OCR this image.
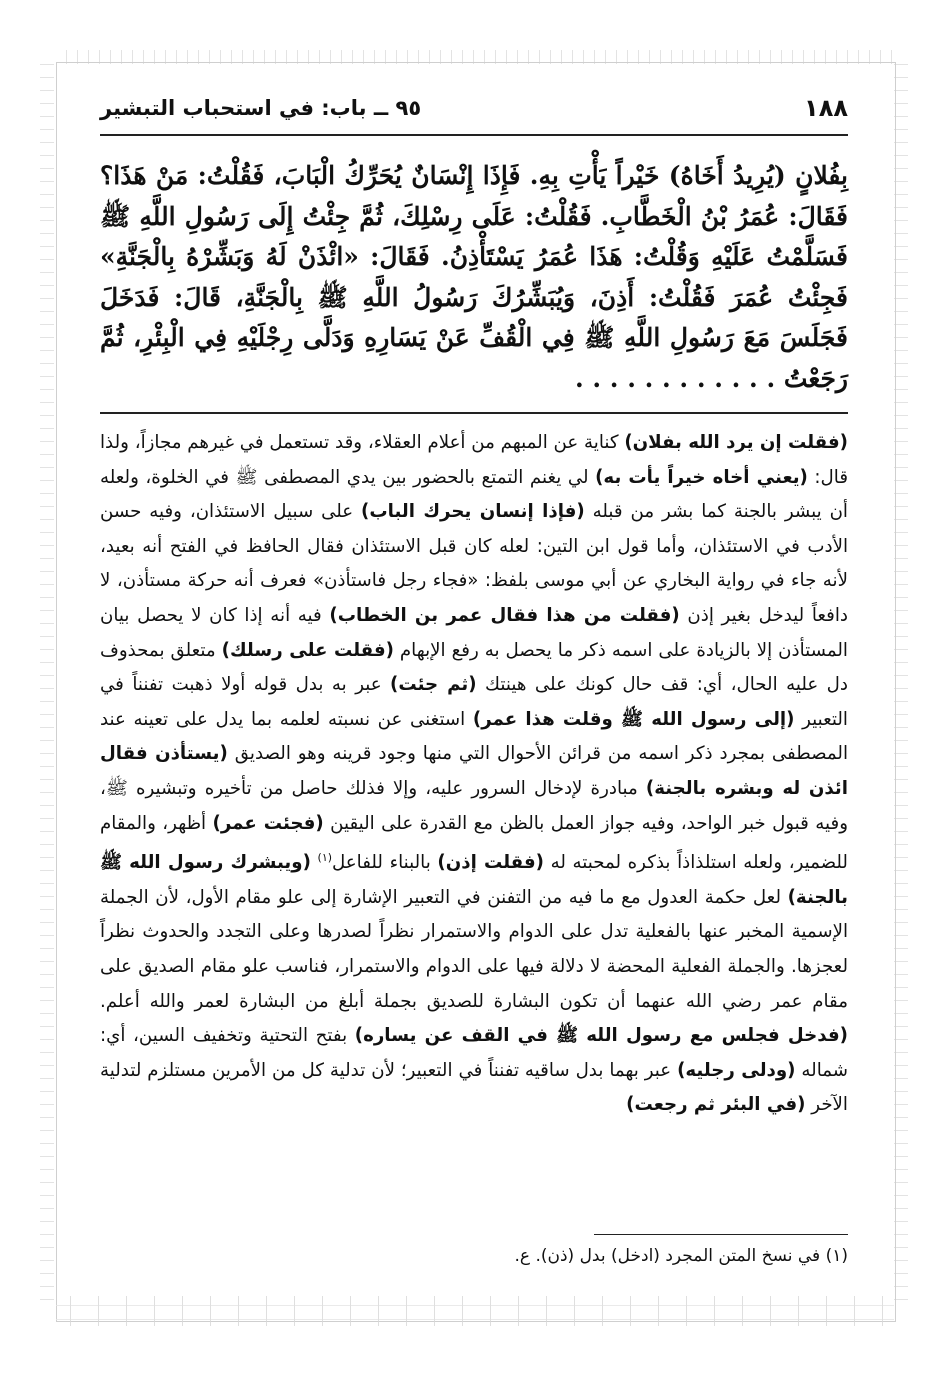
١٨٨
٩٥ ــ باب: في استحباب التبشير

بِفُلانٍ (يُرِيدُ أَخَاهُ) خَيْراً يَأْتِ بِهِ. فَإِذَا إِنْسَانٌ يُحَرِّكُ الْبَابَ، فَقُلْتُ: مَنْ هَذَا؟ فَقَالَ: عُمَرُ بْنُ الْخَطَّابِ. فَقُلْتُ: عَلَى رِسْلِكَ، ثُمَّ جِئْتُ إِلَى رَسُولِ اللَّهِ ﷺ فَسَلَّمْتُ عَلَيْهِ وَقُلْتُ: هَذَا عُمَرُ يَسْتَأْذِنُ. فَقَالَ: «ائْذَنْ لَهُ وَبَشِّرْهُ بِالْجَنَّةِ» فَجِئْتُ عُمَرَ فَقُلْتُ: أَذِنَ، وَيُبَشِّرُكَ رَسُولُ اللَّهِ ﷺ بِالْجَنَّةِ، قَالَ: فَدَخَلَ فَجَلَسَ مَعَ رَسُولِ اللَّهِ ﷺ فِي الْقُفِّ عَنْ يَسَارِهِ وَدَلَّى رِجْلَيْهِ فِي الْبِئْرِ، ثُمَّ رَجَعْتُ . . . . . . . . . . . .

(فقلت إن يرد الله بفلان) كناية عن المبهم من أعلام العقلاء، وقد تستعمل في غيرهم مجازاً، ولذا قال: (يعني أخاه خيراً يأت به) لي يغنم التمتع بالحضور بين يدي المصطفى ﷺ في الخلوة، ولعله أن يبشر بالجنة كما بشر من قبله (فإذا إنسان يحرك الباب) على سبيل الاستئذان، وفيه حسن الأدب في الاستئذان، وأما قول ابن التين: لعله كان قبل الاستئذان فقال الحافظ في الفتح أنه بعيد، لأنه جاء في رواية البخاري عن أبي موسى بلفظ: «فجاء رجل فاستأذن» فعرف أنه حركة مستأذن، لا دافعاً ليدخل بغير إذن (فقلت من هذا فقال عمر بن الخطاب) فيه أنه إذا كان لا يحصل بيان المستأذن إلا بالزيادة على اسمه ذكر ما يحصل به رفع الإبهام (فقلت على رسلك) متعلق بمحذوف دل عليه الحال، أي: قف حال كونك على هينتك (ثم جئت) عبر به بدل قوله أولا ذهبت تفنناً في التعبير (إلى رسول الله ﷺ وقلت هذا عمر) استغنى عن نسبته لعلمه بما يدل على تعينه عند المصطفى بمجرد ذكر اسمه من قرائن الأحوال التي منها وجود قرينه وهو الصديق (يستأذن فقال ائذن له وبشره بالجنة) مبادرة لإدخال السرور عليه، وإلا فذلك حاصل من تأخيره وتبشيره ﷺ، وفيه قبول خبر الواحد، وفيه جواز العمل بالظن مع القدرة على اليقين (فجئت عمر) أظهر، والمقام للضمير، ولعله استلذاذاً بذكره لمحبته له (فقلت إذن) بالبناء للفاعل$^{(١)}$ (ويبشرك رسول الله ﷺ بالجنة) لعل حكمة العدول مع ما فيه من التفنن في التعبير الإشارة إلى علو مقام الأول، لأن الجملة الإسمية المخبر عنها بالفعلية تدل على الدوام والاستمرار نظراً لصدرها وعلى التجدد والحدوث نظراً لعجزها. والجملة الفعلية المحضة لا دلالة فيها على الدوام والاستمرار، فناسب علو مقام الصديق على مقام عمر رضي الله عنهما أن تكون البشارة للصديق بجملة أبلغ من البشارة لعمر والله أعلم. (فدخل فجلس مع رسول الله ﷺ في القف عن يساره) بفتح التحتية وتخفيف السين، أي: شماله (ودلى رجليه) عبر بهما بدل ساقيه تفنناً في التعبير؛ لأن تدلية كل من الأمرين مستلزم لتدلية الآخر (في البئر ثم رجعت)
(١) في نسخ المتن المجرد (ادخل) بدل (ذن). ع.
